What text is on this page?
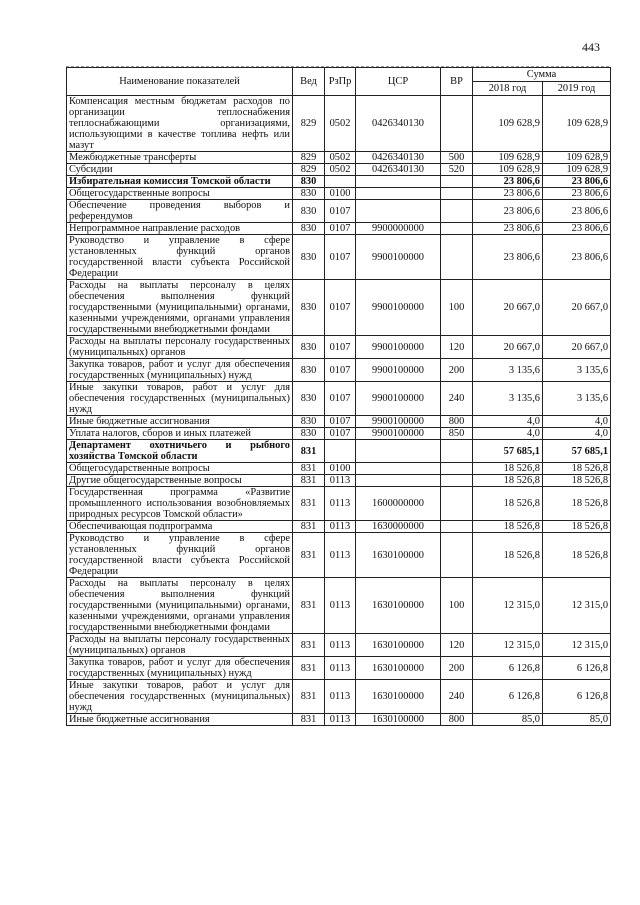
443
Наименование показателей	Вед	РзПр	ЦСР	ВР	Сумма	
					2018 год	2019 год
Компенсация местным бюджетам расходов по организации теплоснабжения теплоснабжающими организациями, использующими в качестве топлива нефть или мазут	829	0502	0426340130		109 628,9	109 628,9
Межбюджетные трансферты	829	0502	0426340130	500	109 628,9	109 628,9
Субсидии	829	0502	0426340130	520	109 628,9	109 628,9
Избирательная комиссия Томской области	830				23 806,6	23 806,6
Общегосударственные вопросы	830	0100			23 806,6	23 806,6
Обеспечение проведения выборов и референдумов	830	0107			23 806,6	23 806,6
Непрограммное направление расходов	830	0107	9900000000		23 806,6	23 806,6
Руководство и управление в сфере установленных функций органов государственной власти субъекта Российской Федерации	830	0107	9900100000		23 806,6	23 806,6
Расходы на выплаты персоналу в целях обеспечения выполнения функций государственными (муниципальными) органами, казенными учреждениями, органами управления государственными внебюджетными фондами	830	0107	9900100000	100	20 667,0	20 667,0
Расходы на выплаты персоналу государственных (муниципальных) органов	830	0107	9900100000	120	20 667,0	20 667,0
Закупка товаров, работ и услуг для обеспечения государственных (муниципальных) нужд	830	0107	9900100000	200	3 135,6	3 135,6
Иные закупки товаров, работ и услуг для обеспечения государственных (муниципальных) нужд	830	0107	9900100000	240	3 135,6	3 135,6
Иные бюджетные ассигнования	830	0107	9900100000	800	4,0	4,0
Уплата налогов, сборов и иных платежей	830	0107	9900100000	850	4,0	4,0
Департамент охотничьего и рыбного хозяйства Томской области	831				57 685,1	57 685,1
Общегосударственные вопросы	831	0100			18 526,8	18 526,8
Другие общегосударственные вопросы	831	0113			18 526,8	18 526,8
Государственная программа «Развитие промышленного использования возобновляемых природных ресурсов Томской области»	831	0113	1600000000		18 526,8	18 526,8
Обеспечивающая подпрограмма	831	0113	1630000000		18 526,8	18 526,8
Руководство и управление в сфере установленных функций органов государственной власти субъекта Российской Федерации	831	0113	1630100000		18 526,8	18 526,8
Расходы на выплаты персоналу в целях обеспечения выполнения функций государственными (муниципальными) органами, казенными учреждениями, органами управления государственными внебюджетными фондами	831	0113	1630100000	100	12 315,0	12 315,0
Расходы на выплаты персоналу государственных (муниципальных) органов	831	0113	1630100000	120	12 315,0	12 315,0
Закупка товаров, работ и услуг для обеспечения государственных (муниципальных) нужд	831	0113	1630100000	200	6 126,8	6 126,8
Иные закупки товаров, работ и услуг для обеспечения государственных (муниципальных) нужд	831	0113	1630100000	240	6 126,8	6 126,8
Иные бюджетные ассигнования	831	0113	1630100000	800	85,0	85,0
